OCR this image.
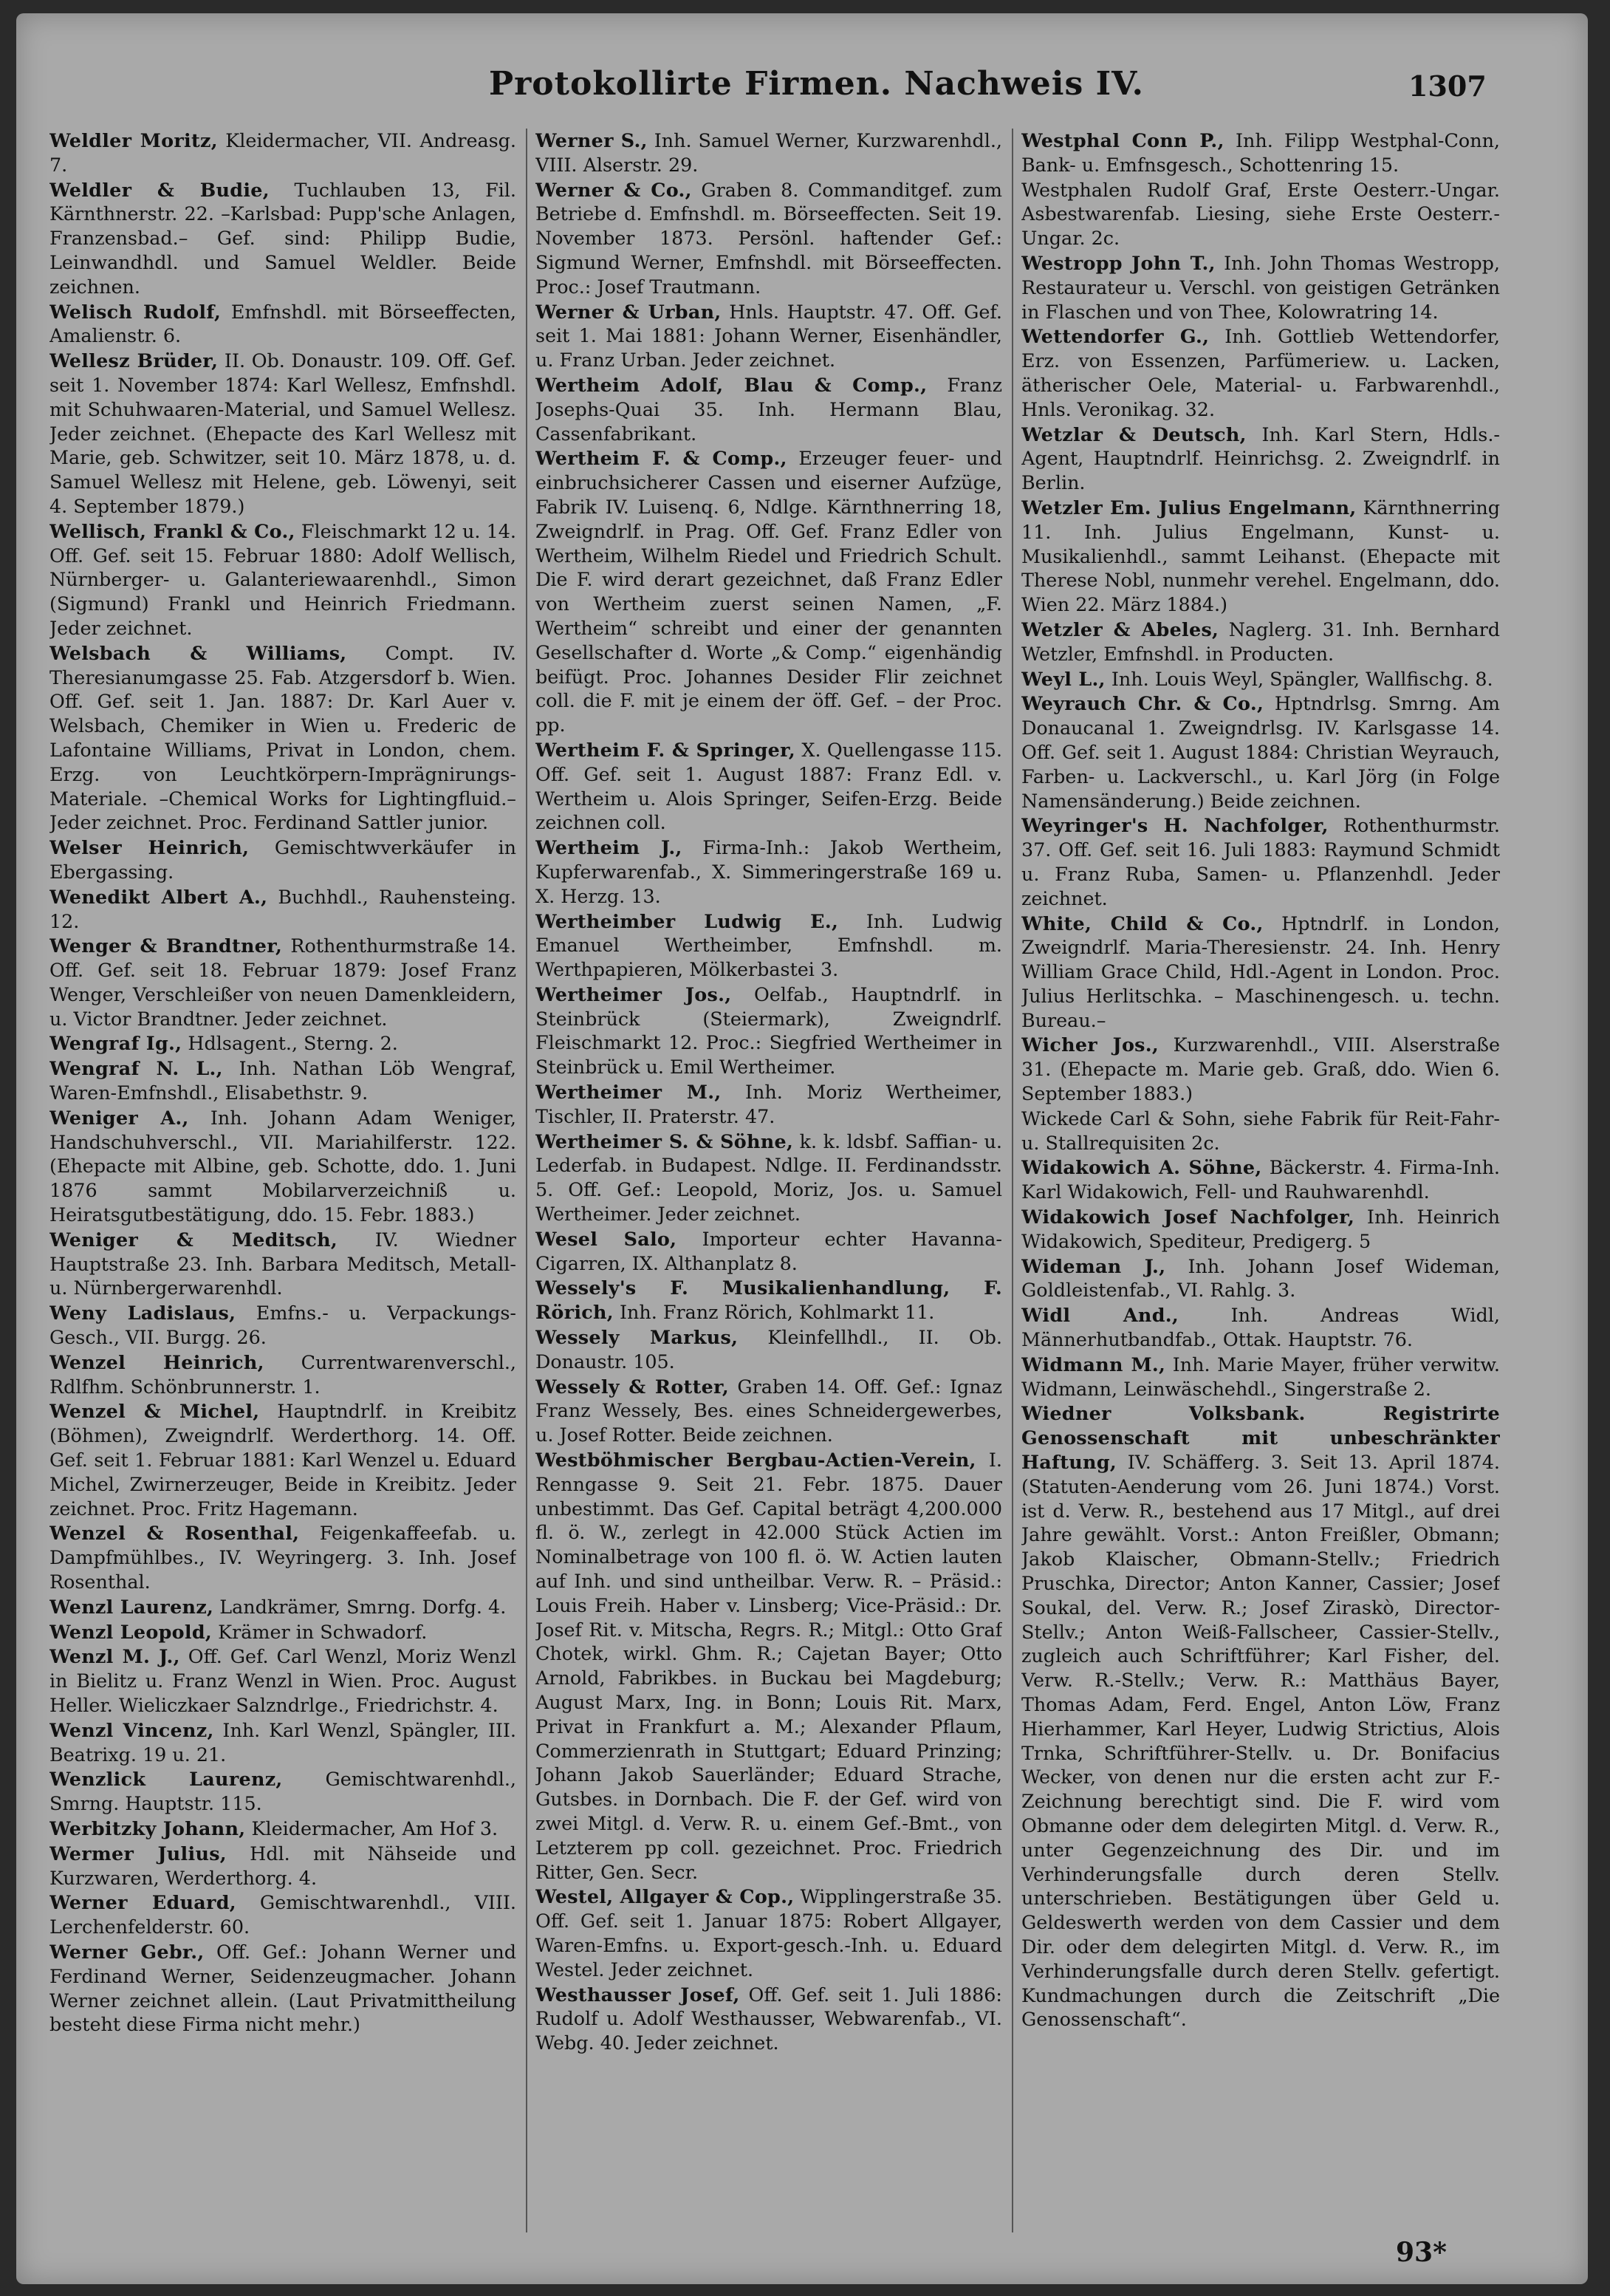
Protokollirte Firmen. Nachweis IV.	1307

Weldler Moritz, Kleidermacher, VII. Andreasg. 7.

Weldler & Budie, Tuchlauben 13, Fil. Kärnthnerstr. 22. –Karlsbad: Pupp'sche Anlagen, Franzensbad.– Gef. sind: Philipp Budie, Leinwandhdl. und Samuel Weldler. Beide zeichnen.

Welisch Rudolf, Emfnshdl. mit Börseeffecten, Amalienstr. 6.

Wellesz Brüder, II. Ob. Donaustr. 109. Off. Gef. seit 1. November 1874: Karl Wellesz, Emfnshdl. mit Schuhwaaren-Material, und Samuel Wellesz. Jeder zeichnet. (Ehepacte des Karl Wellesz mit Marie, geb. Schwitzer, seit 10. März 1878, u. d. Samuel Wellesz mit Helene, geb. Löwenyi, seit 4. September 1879.)

Wellisch, Frankl & Co., Fleischmarkt 12 u. 14. Off. Gef. seit 15. Februar 1880: Adolf Wellisch, Nürnberger- u. Galanteriewaarenhdl., Simon (Sigmund) Frankl und Heinrich Friedmann. Jeder zeichnet.

Welsbach & Williams, Compt. IV. Theresianumgasse 25. Fab. Atzgersdorf b. Wien. Off. Gef. seit 1. Jan. 1887: Dr. Karl Auer v. Welsbach, Chemiker in Wien u. Frederic de Lafontaine Williams, Privat in London, chem. Erzg. von Leuchtkörpern-Imprägnirungs-Materiale. –Chemical Works for Lightingfluid.– Jeder zeichnet. Proc. Ferdinand Sattler junior.

Welser Heinrich, Gemischtwverkäufer in Ebergassing.

Wenedikt Albert A., Buchhdl., Rauhensteing. 12.

Wenger & Brandtner, Rothenthurmstraße 14. Off. Gef. seit 18. Februar 1879: Josef Franz Wenger, Verschleißer von neuen Damenkleidern, u. Victor Brandtner. Jeder zeichnet.

Wengraf Ig., Hdlsagent., Sterng. 2.

Wengraf N. L., Inh. Nathan Löb Wengraf, Waren-Emfnshdl., Elisabethstr. 9.

Weniger A., Inh. Johann Adam Weniger, Handschuhverschl., VII. Mariahilferstr. 122. (Ehepacte mit Albine, geb. Schotte, ddo. 1. Juni 1876 sammt Mobilarverzeichniß u. Heiratsgutbestätigung, ddo. 15. Febr. 1883.)

Weniger & Meditsch, IV. Wiedner Hauptstraße 23. Inh. Barbara Meditsch, Metall- u. Nürnbergerwarenhdl.

Weny Ladislaus, Emfns.- u. Verpackungs-Gesch., VII. Burgg. 26.

Wenzel Heinrich, Currentwarenverschl., Rdlfhm. Schönbrunnerstr. 1.

Wenzel & Michel, Hauptndrlf. in Kreibitz (Böhmen), Zweigndrlf. Werderthorg. 14. Off. Gef. seit 1. Februar 1881: Karl Wenzel u. Eduard Michel, Zwirnerzeuger, Beide in Kreibitz. Jeder zeichnet. Proc. Fritz Hagemann.

Wenzel & Rosenthal, Feigenkaffeefab. u. Dampfmühlbes., IV. Weyringerg. 3. Inh. Josef Rosenthal.

Wenzl Laurenz, Landkrämer, Smrng. Dorfg. 4.

Wenzl Leopold, Krämer in Schwadorf.

Wenzl M. J., Off. Gef. Carl Wenzl, Moriz Wenzl in Bielitz u. Franz Wenzl in Wien. Proc. August Heller. Wieliczkaer Salzndrlge., Friedrichstr. 4.

Wenzl Vincenz, Inh. Karl Wenzl, Spängler, III. Beatrixg. 19 u. 21.

Wenzlick Laurenz, Gemischtwarenhdl., Smrng. Hauptstr. 115.

Werbitzky Johann, Kleidermacher, Am Hof 3.

Wermer Julius, Hdl. mit Nähseide und Kurzwaren, Werderthorg. 4.

Werner Eduard, Gemischtwarenhdl., VIII. Lerchenfelderstr. 60.

Werner Gebr., Off. Gef.: Johann Werner und Ferdinand Werner, Seidenzeugmacher. Johann Werner zeichnet allein. (Laut Privatmittheilung besteht diese Firma nicht mehr.)

Werner S., Inh. Samuel Werner, Kurzwarenhdl., VIII. Alserstr. 29.

Werner & Co., Graben 8. Commanditgef. zum Betriebe d. Emfnshdl. m. Börseeffecten. Seit 19. November 1873. Persönl. haftender Gef.: Sigmund Werner, Emfnshdl. mit Börseeffecten. Proc.: Josef Trautmann.

Werner & Urban, Hnls. Hauptstr. 47. Off. Gef. seit 1. Mai 1881: Johann Werner, Eisenhändler, u. Franz Urban. Jeder zeichnet.

Wertheim Adolf, Blau & Comp., Franz Josephs-Quai 35. Inh. Hermann Blau, Cassenfabrikant.

Wertheim F. & Comp., Erzeuger feuer- und einbruchsicherer Cassen und eiserner Aufzüge, Fabrik IV. Luisenq. 6, Ndlge. Kärnthnerring 18, Zweigndrlf. in Prag. Off. Gef. Franz Edler von Wertheim, Wilhelm Riedel und Friedrich Schult. Die F. wird derart gezeichnet, daß Franz Edler von Wertheim zuerst seinen Namen, „F. Wertheim“ schreibt und einer der genannten Gesellschafter d. Worte „& Comp.“ eigenhändig beifügt. Proc. Johannes Desider Flir zeichnet coll. die F. mit je einem der öff. Gef. – der Proc. pp.

Wertheim F. & Springer, X. Quellengasse 115. Off. Gef. seit 1. August 1887: Franz Edl. v. Wertheim u. Alois Springer, Seifen-Erzg. Beide zeichnen coll.

Wertheim J., Firma-Inh.: Jakob Wertheim, Kupferwarenfab., X. Simmeringerstraße 169 u. X. Herzg. 13.

Wertheimber Ludwig E., Inh. Ludwig Emanuel Wertheimber, Emfnshdl. m. Werthpapieren, Mölkerbastei 3.

Wertheimer Jos., Oelfab., Hauptndrlf. in Steinbrück (Steiermark), Zweigndrlf. Fleischmarkt 12. Proc.: Siegfried Wertheimer in Steinbrück u. Emil Wertheimer.

Wertheimer M., Inh. Moriz Wertheimer, Tischler, II. Praterstr. 47.

Wertheimer S. & Söhne, k. k. ldsbf. Saffian- u. Lederfab. in Budapest. Ndlge. II. Ferdinandsstr. 5. Off. Gef.: Leopold, Moriz, Jos. u. Samuel Wertheimer. Jeder zeichnet.

Wesel Salo, Importeur echter Havanna-Cigarren, IX. Althanplatz 8.

Wessely's F. Musikalienhandlung, F. Rörich, Inh. Franz Rörich, Kohlmarkt 11.

Wessely Markus, Kleinfellhdl., II. Ob. Donaustr. 105.

Wessely & Rotter, Graben 14. Off. Gef.: Ignaz Franz Wessely, Bes. eines Schneidergewerbes, u. Josef Rotter. Beide zeichnen.

Westböhmischer Bergbau-Actien-Verein, I. Renngasse 9. Seit 21. Febr. 1875. Dauer unbestimmt. Das Gef. Capital beträgt 4,200.000 fl. ö. W., zerlegt in 42.000 Stück Actien im Nominalbetrage von 100 fl. ö. W. Actien lauten auf Inh. und sind untheilbar. Verw. R. – Präsid.: Louis Freih. Haber v. Linsberg; Vice-Präsid.: Dr. Josef Rit. v. Mitscha, Regrs. R.; Mitgl.: Otto Graf Chotek, wirkl. Ghm. R.; Cajetan Bayer; Otto Arnold, Fabrikbes. in Buckau bei Magdeburg; August Marx, Ing. in Bonn; Louis Rit. Marx, Privat in Frankfurt a. M.; Alexander Pflaum, Commerzienrath in Stuttgart; Eduard Prinzing; Johann Jakob Sauerländer; Eduard Strache, Gutsbes. in Dornbach. Die F. der Gef. wird von zwei Mitgl. d. Verw. R. u. einem Gef.-Bmt., von Letzterem pp coll. gezeichnet. Proc. Friedrich Ritter, Gen. Secr.

Westel, Allgayer & Cop., Wipplingerstraße 35. Off. Gef. seit 1. Januar 1875: Robert Allgayer, Waren-Emfns. u. Export-gesch.-Inh. u. Eduard Westel. Jeder zeichnet.

Westhausser Josef, Off. Gef. seit 1. Juli 1886: Rudolf u. Adolf Westhausser, Webwarenfab., VI. Webg. 40. Jeder zeichnet.

Westphal Conn P., Inh. Filipp Westphal-Conn, Bank- u. Emfnsgesch., Schottenring 15.

Westphalen Rudolf Graf, Erste Oesterr.-Ungar. Asbestwarenfab. Liesing, siehe Erste Oesterr.-Ungar. 2c.

Westropp John T., Inh. John Thomas Westropp, Restaurateur u. Verschl. von geistigen Getränken in Flaschen und von Thee, Kolowratring 14.

Wettendorfer G., Inh. Gottlieb Wettendorfer, Erz. von Essenzen, Parfümeriew. u. Lacken, ätherischer Oele, Material- u. Farbwarenhdl., Hnls. Veronikag. 32.

Wetzlar & Deutsch, Inh. Karl Stern, Hdls.-Agent, Hauptndrlf. Heinrichsg. 2. Zweigndrlf. in Berlin.

Wetzler Em. Julius Engelmann, Kärnthnerring 11. Inh. Julius Engelmann, Kunst- u. Musikalienhdl., sammt Leihanst. (Ehepacte mit Therese Nobl, nunmehr verehel. Engelmann, ddo. Wien 22. März 1884.)

Wetzler & Abeles, Naglerg. 31. Inh. Bernhard Wetzler, Emfnshdl. in Producten.

Weyl L., Inh. Louis Weyl, Spängler, Wallfischg. 8.

Weyrauch Chr. & Co., Hptndrlsg. Smrng. Am Donaucanal 1. Zweigndrlsg. IV. Karlsgasse 14. Off. Gef. seit 1. August 1884: Christian Weyrauch, Farben- u. Lackverschl., u. Karl Jörg (in Folge Namensänderung.) Beide zeichnen.

Weyringer's H. Nachfolger, Rothenthurmstr. 37. Off. Gef. seit 16. Juli 1883: Raymund Schmidt u. Franz Ruba, Samen- u. Pflanzenhdl. Jeder zeichnet.

White, Child & Co., Hptndrlf. in London, Zweigndrlf. Maria-Theresienstr. 24. Inh. Henry William Grace Child, Hdl.-Agent in London. Proc. Julius Herlitschka. – Maschinengesch. u. techn. Bureau.–

Wicher Jos., Kurzwarenhdl., VIII. Alserstraße 31. (Ehepacte m. Marie geb. Graß, ddo. Wien 6. September 1883.)

Wickede Carl & Sohn, siehe Fabrik für Reit-Fahr- u. Stallrequisiten 2c.

Widakowich A. Söhne, Bäckerstr. 4. Firma-Inh. Karl Widakowich, Fell- und Rauhwarenhdl.

Widakowich Josef Nachfolger, Inh. Heinrich Widakowich, Spediteur, Predigerg. 5

Wideman J., Inh. Johann Josef Wideman, Goldleistenfab., VI. Rahlg. 3.

Widl And., Inh. Andreas Widl, Männerhutbandfab., Ottak. Hauptstr. 76.

Widmann M., Inh. Marie Mayer, früher verwitw. Widmann, Leinwäschehdl., Singerstraße 2.

Wiedner Volksbank. Registrirte Genossenschaft mit unbeschränkter Haftung, IV. Schäfferg. 3. Seit 13. April 1874. (Statuten-Aenderung vom 26. Juni 1874.) Vorst. ist d. Verw. R., bestehend aus 17 Mitgl., auf drei Jahre gewählt. Vorst.: Anton Freißler, Obmann; Jakob Klaischer, Obmann-Stellv.; Friedrich Pruschka, Director; Anton Kanner, Cassier; Josef Soukal, del. Verw. R.; Josef Ziraskò, Director-Stellv.; Anton Weiß-Fallscheer, Cassier-Stellv., zugleich auch Schriftführer; Karl Fisher, del. Verw. R.-Stellv.; Verw. R.: Matthäus Bayer, Thomas Adam, Ferd. Engel, Anton Löw, Franz Hierhammer, Karl Heyer, Ludwig Strictius, Alois Trnka, Schriftführer-Stellv. u. Dr. Bonifacius Wecker, von denen nur die ersten acht zur F.-Zeichnung berechtigt sind. Die F. wird vom Obmanne oder dem delegirten Mitgl. d. Verw. R., unter Gegenzeichnung des Dir. und im Verhinderungsfalle durch deren Stellv. unterschrieben. Bestätigungen über Geld u. Geldeswerth werden von dem Cassier und dem Dir. oder dem delegirten Mitgl. d. Verw. R., im Verhinderungsfalle durch deren Stellv. gefertigt. Kundmachungen durch die Zeitschrift „Die Genossenschaft“.

93*
